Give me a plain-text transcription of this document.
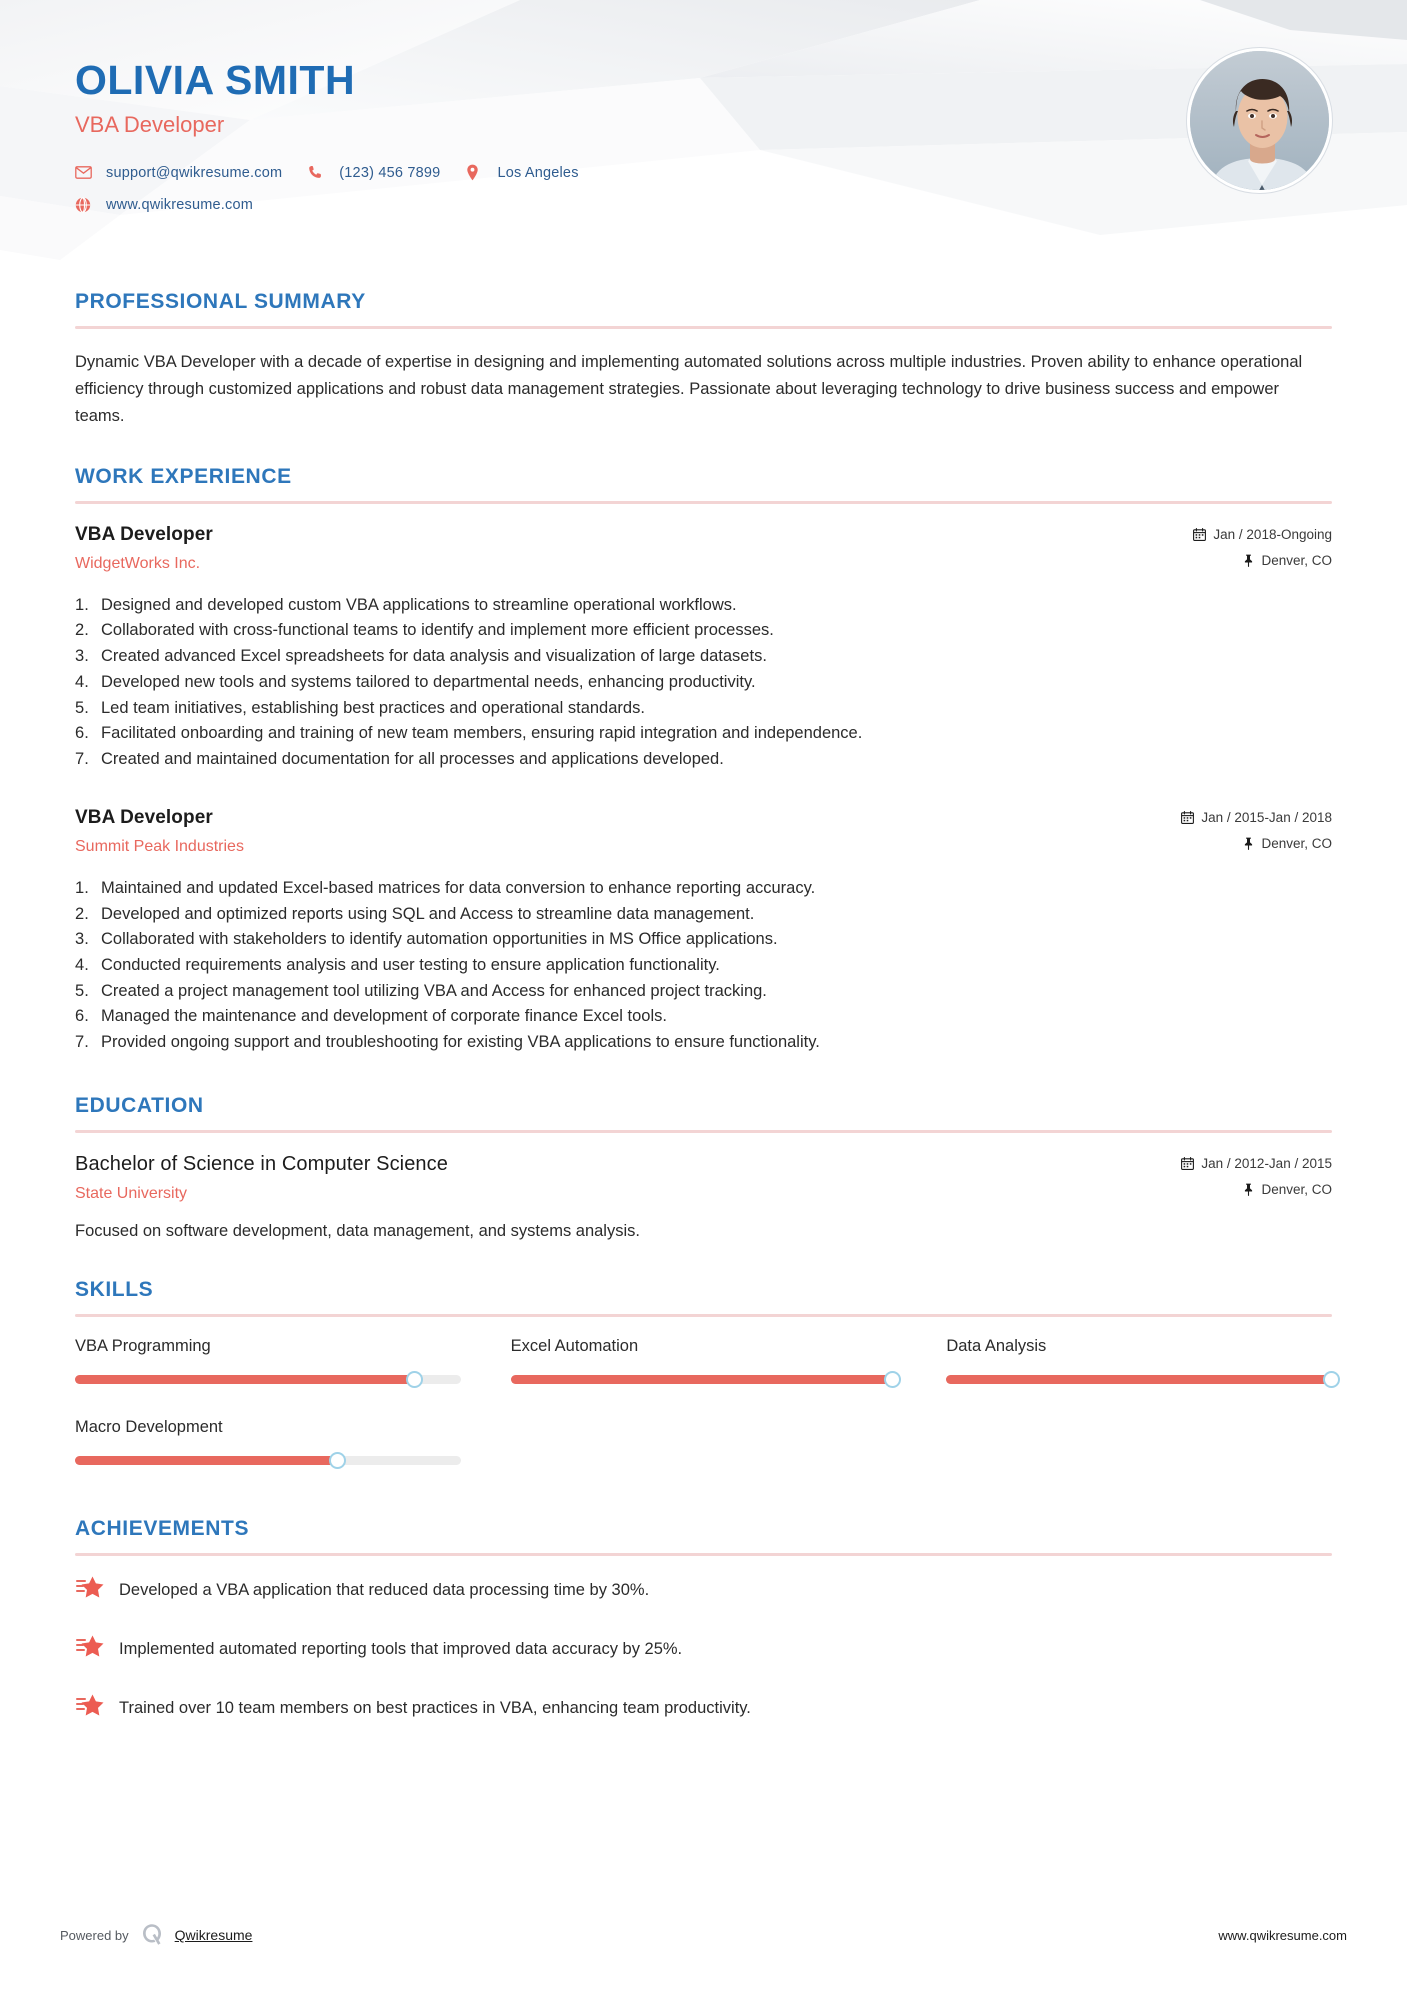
OLIVIA SMITH
VBA Developer
support@qwikresume.com	(123) 456 7899	Los Angeles
www.qwikresume.com
PROFESSIONAL SUMMARY

Dynamic VBA Developer with a decade of expertise in designing and implementing automated solutions across multiple industries. Proven ability to enhance operational efficiency through customized applications and robust data management strategies. Passionate about leveraging technology to drive business success and empower teams.

WORK EXPERIENCE
VBA Developer
WidgetWorks Inc.
Jan / 2018-Ongoing
Denver, CO
Designed and developed custom VBA applications to streamline operational workflows.
Collaborated with cross-functional teams to identify and implement more efficient processes.
Created advanced Excel spreadsheets for data analysis and visualization of large datasets.
Developed new tools and systems tailored to departmental needs, enhancing productivity.
Led team initiatives, establishing best practices and operational standards.
Facilitated onboarding and training of new team members, ensuring rapid integration and independence.
Created and maintained documentation for all processes and applications developed.
VBA Developer
Summit Peak Industries
Jan / 2015-Jan / 2018
Denver, CO
Maintained and updated Excel-based matrices for data conversion to enhance reporting accuracy.
Developed and optimized reports using SQL and Access to streamline data management.
Collaborated with stakeholders to identify automation opportunities in MS Office applications.
Conducted requirements analysis and user testing to ensure application functionality.
Created a project management tool utilizing VBA and Access for enhanced project tracking.
Managed the maintenance and development of corporate finance Excel tools.
Provided ongoing support and troubleshooting for existing VBA applications to ensure functionality.
EDUCATION
Bachelor of Science in Computer Science
State University
Jan / 2012-Jan / 2015
Denver, CO

Focused on software development, data management, and systems analysis.

SKILLS
VBA Programming	Excel Automation	Data Analysis
Macro Development
ACHIEVEMENTS
Developed a VBA application that reduced data processing time by 30%.
Implemented automated reporting tools that improved data accuracy by 25%.
Trained over 10 team members on best practices in VBA, enhancing team productivity.
Powered by	Qwikresume	www.qwikresume.com
